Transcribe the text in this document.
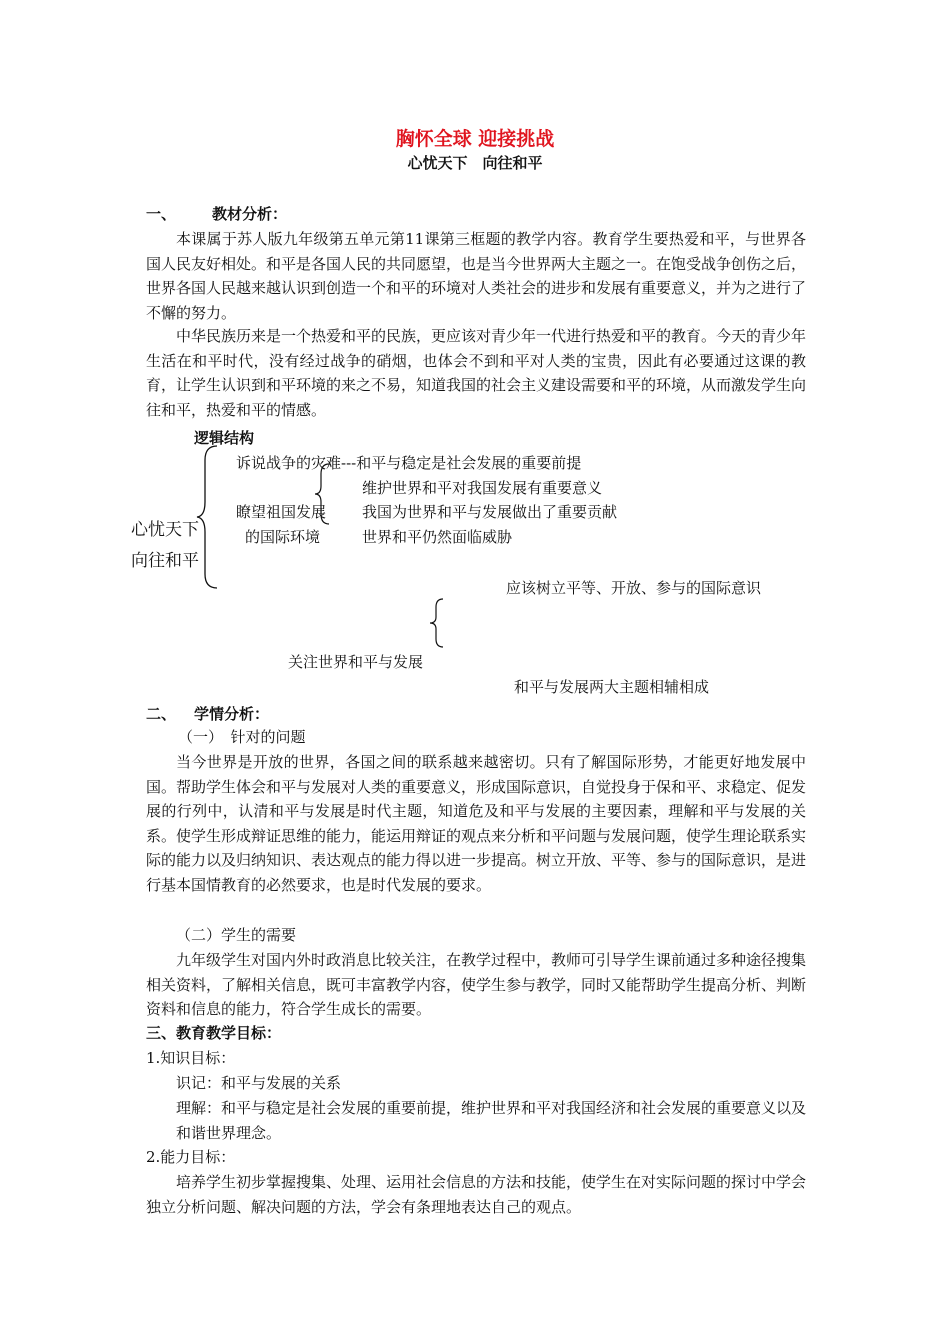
胸怀全球 迎接挑战
心忧天下　向往和平
一、 教材分析：
本课属于苏人版九年级第五单元第11课第三框题的教学内容。教育学生要热爱和平，与世界各国人民友好相处。和平是各国人民的共同愿望，也是当今世界两大主题之一。在饱受战争创伤之后，世界各国人民越来越认识到创造一个和平的环境对人类社会的进步和发展有重要意义，并为之进行了不懈的努力。
中华民族历来是一个热爱和平的民族，更应该对青少年一代进行热爱和平的教育。今天的青少年生活在和平时代，没有经过战争的硝烟，也体会不到和平对人类的宝贵，因此有必要通过这课的教育，让学生认识到和平环境的来之不易，知道我国的社会主义建设需要和平的环境，从而激发学生向往和平，热爱和平的情感。
逻辑结构
心忧天下
向往和平
诉说战争的灾难---和平与稳定是社会发展的重要前提
维护世界和平对我国发展有重要意义
瞭望祖国发展 我国为世界和平与发展做出了重要贡献
的国际环境	世界和平仍然面临威胁
应该树立平等、开放、参与的国际意识
关注世界和平与发展
和平与发展两大主题相辅相成
二、 学情分析：
（一）　针对的问题
当今世界是开放的世界，各国之间的联系越来越密切。只有了解国际形势，才能更好地发展中国。帮助学生体会和平与发展对人类的重要意义，形成国际意识，自觉投身于保和平、求稳定、促发展的行列中，认清和平与发展是时代主题，知道危及和平与发展的主要因素，理解和平与发展的关系。使学生形成辩证思维的能力，能运用辩证的观点来分析和平问题与发展问题，使学生理论联系实际的能力以及归纳知识、表达观点的能力得以进一步提高。树立开放、平等、参与的国际意识，是进行基本国情教育的必然要求，也是时代发展的要求。
（二）学生的需要
九年级学生对国内外时政消息比较关注，在教学过程中，教师可引导学生课前通过多种途径搜集相关资料，了解相关信息，既可丰富教学内容，使学生参与教学，同时又能帮助学生提高分析、判断资料和信息的能力，符合学生成长的需要。
三、教育教学目标：
1.知识目标：
识记：和平与发展的关系
理解：和平与稳定是社会发展的重要前提，维护世界和平对我国经济和社会发展的重要意义以及和谐世界理念。
2.能力目标：
培养学生初步掌握搜集、处理、运用社会信息的方法和技能，使学生在对实际问题的探讨中学会独立分析问题、解决问题的方法，学会有条理地表达自己的观点。
